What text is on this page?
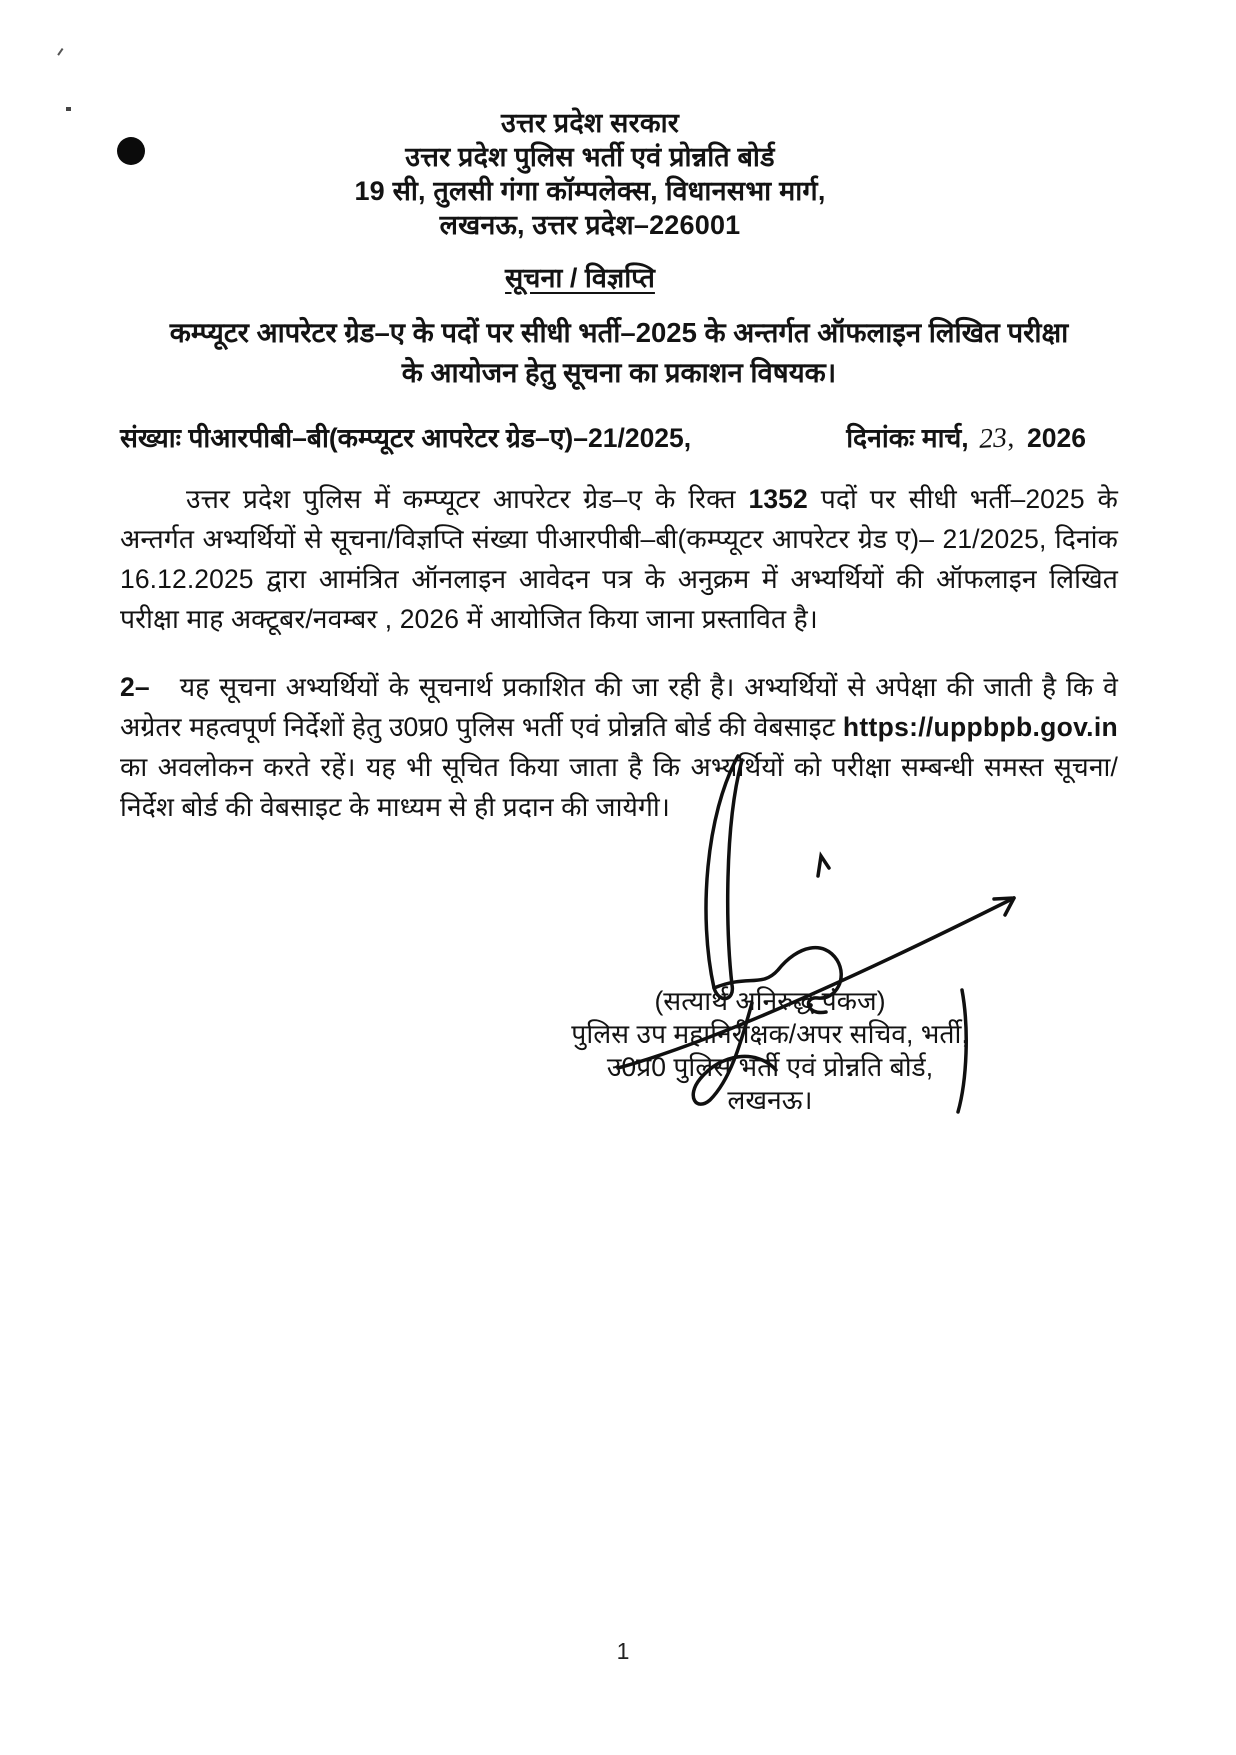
उत्तर प्रदेश सरकार
उत्तर प्रदेश पुलिस भर्ती एवं प्रोन्नति बोर्ड
19 सी, तुलसी गंगा कॉम्पलेक्स, विधानसभा मार्ग,
लखनऊ, उत्तर प्रदेश–226001
सूचना / विज्ञप्ति
कम्प्यूटर आपरेटर ग्रेड–ए के पदों पर सीधी भर्ती–2025 के अन्तर्गत ऑफलाइन लिखित परीक्षा
के आयोजन हेतु सूचना का प्रकाशन विषयक।
संख्याः पीआरपीबी–बी(कम्प्यूटर आपरेटर ग्रेड–ए)–21/2025,	दिनांकः मार्च, 23, 2026

उत्तर प्रदेश पुलिस में कम्प्यूटर आपरेटर ग्रेड–ए के रिक्त 1352 पदों पर सीधी भर्ती–2025 के अन्तर्गत अभ्यर्थियों से सूचना/विज्ञप्ति संख्या पीआरपीबी–बी(कम्प्यूटर आपरेटर ग्रेड ए)– 21/2025, दिनांक 16.12.2025 द्वारा आमंत्रित ऑनलाइन आवेदन पत्र के अनुक्रम में अभ्यर्थियों की ऑफलाइन लिखित परीक्षा माह अक्टूबर/नवम्बर , 2026 में आयोजित किया जाना प्रस्तावित है।

2– यह सूचना अभ्यर्थियों के सूचनार्थ प्रकाशित की जा रही है। अभ्यर्थियों से अपेक्षा की जाती है कि वे अग्रेतर महत्वपूर्ण निर्देशों हेतु उ0प्र0 पुलिस भर्ती एवं प्रोन्नति बोर्ड की वेबसाइट https://uppbpb.gov.in का अवलोकन करते रहें। यह भी सूचित किया जाता है कि अभ्यर्थियों को परीक्षा सम्बन्धी समस्त सूचना/निर्देश बोर्ड की वेबसाइट के माध्यम से ही प्रदान की जायेगी।

(सत्यार्थ अनिरुद्ध पंकज)
पुलिस उप महानिरीक्षक/अपर सचिव, भर्ती,
उ0प्र0 पुलिस भर्ती एवं प्रोन्नति बोर्ड,
लखनऊ।
1
